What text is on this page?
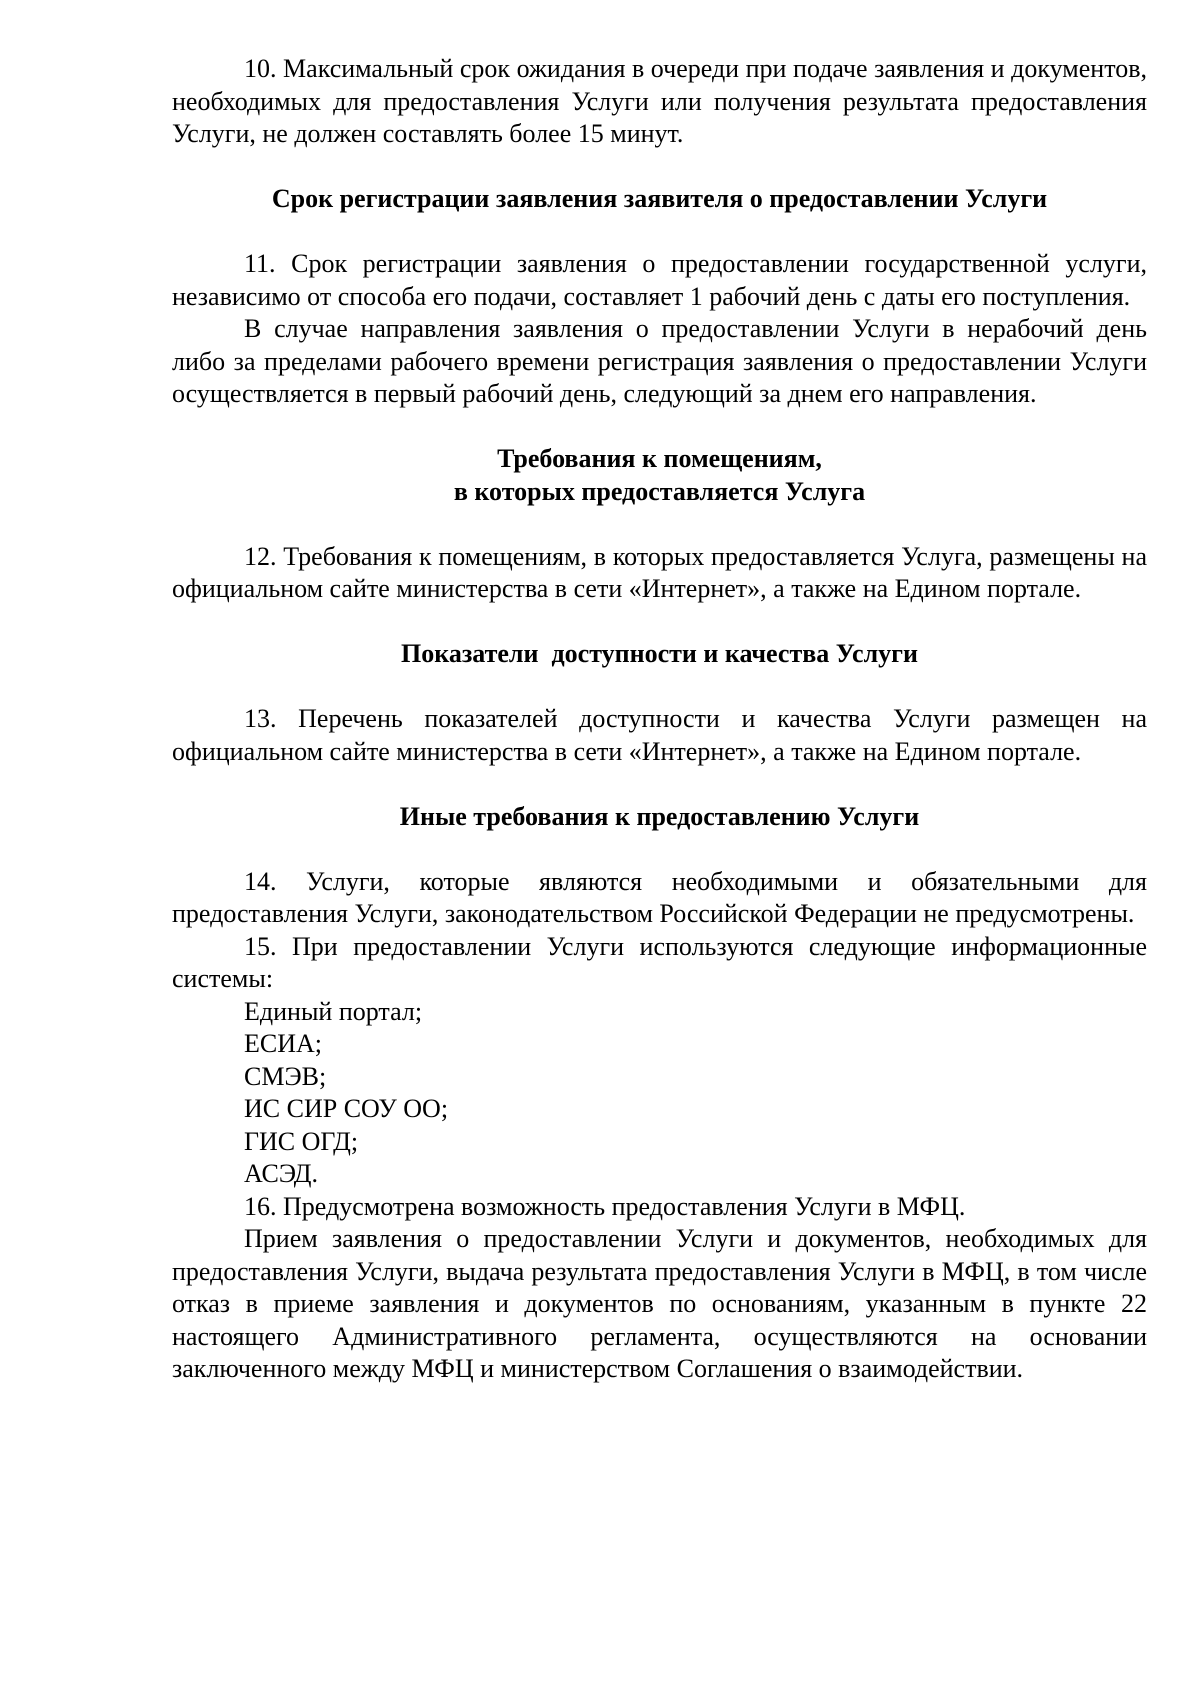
10. Максимальный срок ожидания в очереди при подаче заявления и документов, необходимых для предоставления Услуги или получения результата предоставления Услуги, не должен составлять более 15 минут.

Срок регистрации заявления заявителя о предоставлении Услуги

11. Срок регистрации заявления о предоставлении государственной услуги, независимо от способа его подачи, составляет 1 рабочий день с даты его поступления.

В случае направления заявления о предоставлении Услуги в нерабочий день либо за пределами рабочего времени регистрация заявления о предоставлении Услуги осуществляется в первый рабочий день, следующий за днем его направления.

Требования к помещениям,
в которых предоставляется Услуга

12. Требования к помещениям, в которых предоставляется Услуга, размещены на официальном сайте министерства в сети «Интернет», а также на Едином портале.

Показатели  доступности и качества Услуги

13. Перечень показателей доступности и качества Услуги размещен на официальном сайте министерства в сети «Интернет», а также на Едином портале.

Иные требования к предоставлению Услуги

14. Услуги, которые являются необходимыми и обязательными для предоставления Услуги, законодательством Российской Федерации не предусмотрены.

15. При предоставлении Услуги используются следующие информационные системы:

Единый портал;

ЕСИА;

СМЭВ;

ИС СИР СОУ ОО;

ГИС ОГД;

АСЭД.

16. Предусмотрена возможность предоставления Услуги в МФЦ.

Прием заявления о предоставлении Услуги и документов, необходимых для предоставления Услуги, выдача результата предоставления Услуги в МФЦ, в том числе отказ в приеме заявления и документов по основаниям, указанным в пункте 22 настоящего Административного регламента, осуществляются на основании заключенного между МФЦ и министерством Соглашения о взаимодействии.
